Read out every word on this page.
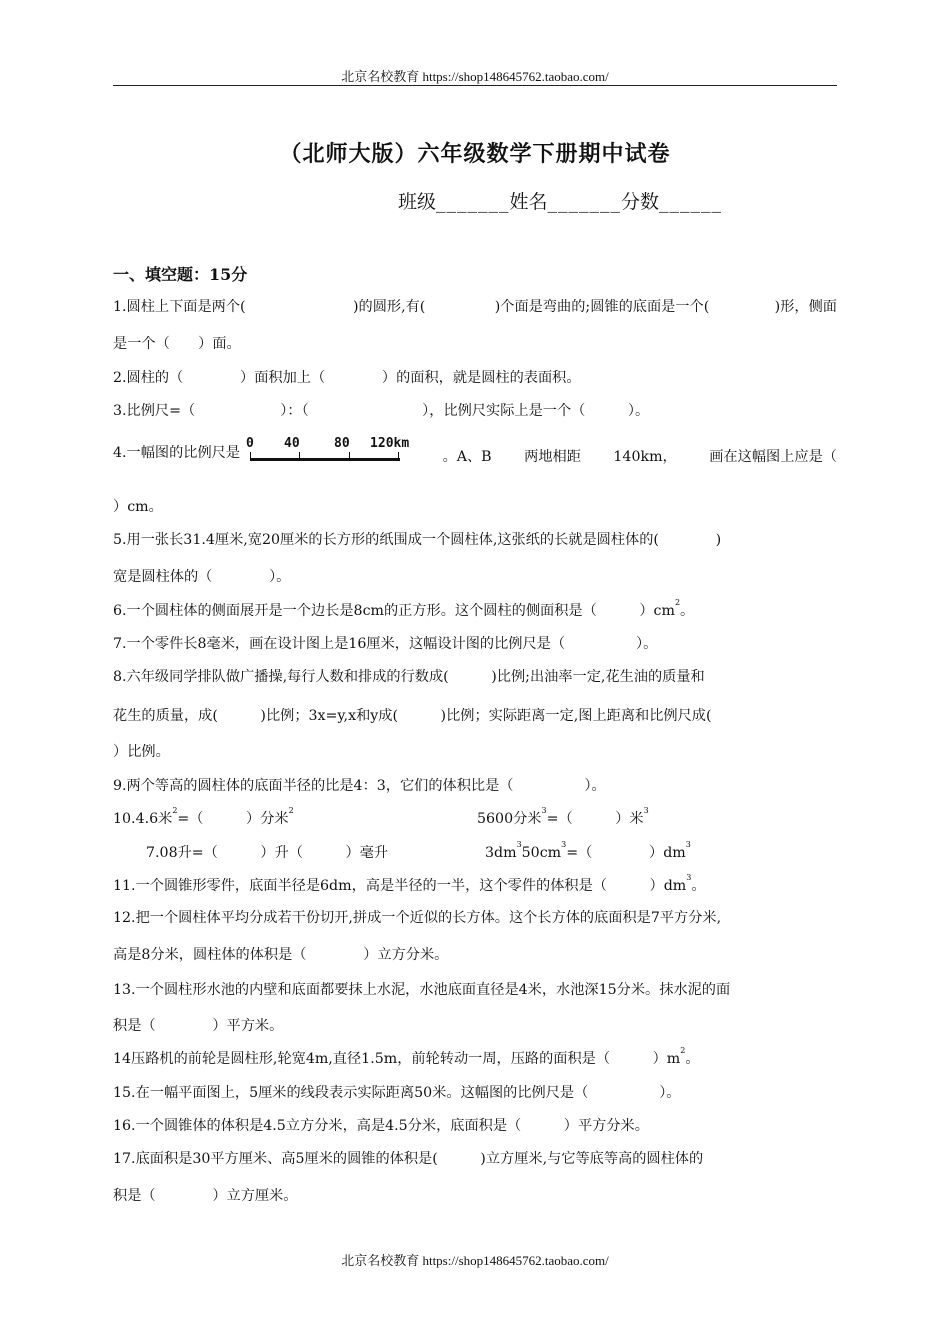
北京名校教育 https://shop148645762.taobao.com/
（北师大版）六年级数学下册期中试卷
班级_______姓名_______分数______
一、填空题：15分
1.圆柱上下面是两个(	)的圆形,有(	)个面是弯曲的;圆锥的底面是一个(	)形，侧面
是一个（　　）面。
2.圆柱的（　　　　）面积加上（　　　　）的面积，就是圆柱的表面积。
3.比例尺=（　　　　　　）：（　　　　　　　　），比例尺实际上是一个（　　　）。
4.一幅图的比例尺是
0 40	80 120km
。A、B 两地相距 140km， 画在这幅图上应是（
）cm。
5.用一张长31.4厘米,宽20厘米的长方形的纸围成一个圆柱体,这张纸的长就是圆柱体的(　　　　)
宽是圆柱体的（　　　　）。
6.一个圆柱体的侧面展开是一个边长是8cm的正方形。这个圆柱的侧面积是（　　　）$cm^2$。
7.一个零件长8毫米，画在设计图上是16厘米，这幅设计图的比例尺是（　　　　　）。
8.六年级同学排队做广播操,每行人数和排成的行数成(　　　)比例;出油率一定,花生油的质量和
花生的质量，成(　　　)比例；3x=y,x和y成(　　　)比例；实际距离一定,图上距离和比例尺成(
）比例。
9.两个等高的圆柱体的底面半径的比是4：3，它们的体积比是（　　　　　）。
10.4.6米$^2$=（　　　）分米$^2$
5600分米$^3$=（　　　）米$^3$
7.08升=（　　　）升（　　　）毫升	$3dm^350cm^3=$（　　　　）$dm^3$
11.一个圆锥形零件，底面半径是6dm，高是半径的一半，这个零件的体积是（　　　）$dm^3$。
12.把一个圆柱体平均分成若干份切开,拼成一个近似的长方体。这个长方体的底面积是7平方分米,
高是8分米，圆柱体的体积是（　　　　）立方分米。
13.一个圆柱形水池的内壁和底面都要抹上水泥，水池底面直径是4米，水池深15分米。抹水泥的面
积是（　　　　）平方米。
14压路机的前轮是圆柱形,轮宽4m,直径1.5m，前轮转动一周，压路的面积是（　　　）$m^2$。
15.在一幅平面图上，5厘米的线段表示实际距离50米。这幅图的比例尺是（　　　　　）。
16.一个圆锥体的体积是4.5立方分米，高是4.5分米，底面积是（　　　）平方分米。
17.底面积是30平方厘米、高5厘米的圆锥的体积是(　　　)立方厘米,与它等底等高的圆柱体的
积是（　　　　）立方厘米。
北京名校教育 https://shop148645762.taobao.com/
